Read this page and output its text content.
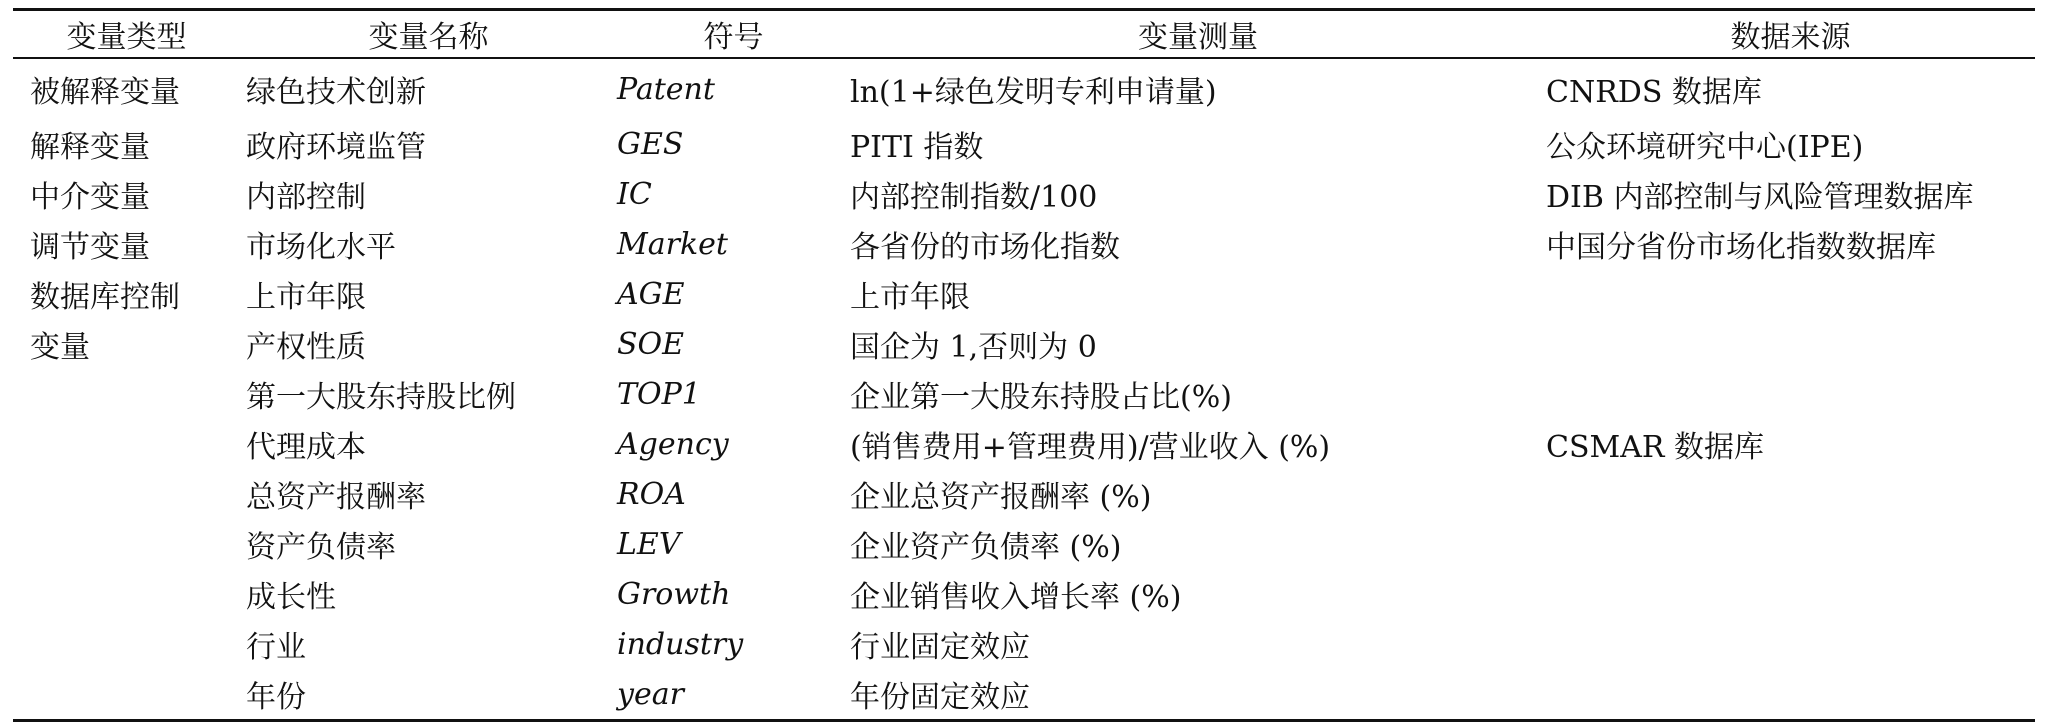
变量类型	变量名称	符号	变量测量	数据来源
被解释变量	绿色技术创新	Patent	ln(1+绿色发明专利申请量)	CNRDS 数据库
解释变量	政府环境监管	GES	PITI 指数	公众环境研究中心(IPE)
中介变量	内部控制	IC	内部控制指数/100	DIB 内部控制与风险管理数据库
调节变量	市场化水平	Market	各省份的市场化指数	中国分省份市场化指数数据库
数据库控制	上市年限	AGE	上市年限	
变量	产权性质	SOE	国企为 1,否则为 0	
	第一大股东持股比例	TOP1	企业第一大股东持股占比(%)	
	代理成本	Agency	(销售费用+管理费用)/营业收入 (%)	CSMAR 数据库
	总资产报酬率	ROA	企业总资产报酬率 (%)	
	资产负债率	LEV	企业资产负债率 (%)	
	成长性	Growth	企业销售收入增长率 (%)	
	行业	industry	行业固定效应	
	年份	year	年份固定效应	
